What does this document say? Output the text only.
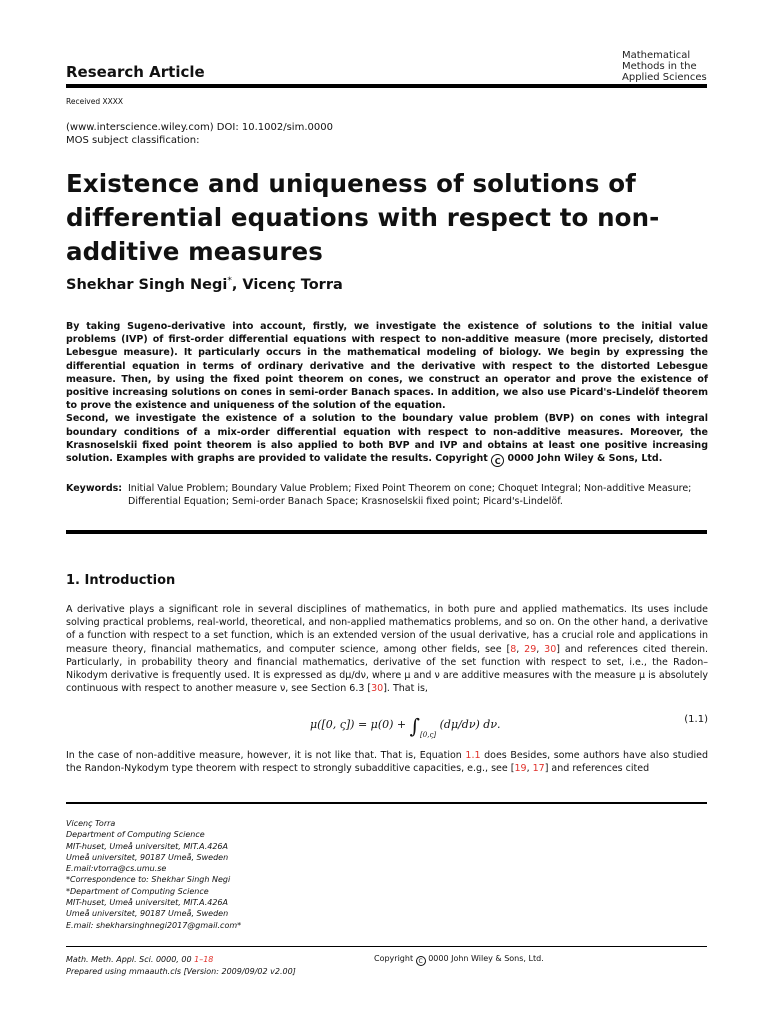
Mathematical
Methods in the
Applied Sciences
Research Article
Received XXXX
(www.interscience.wiley.com) DOI: 10.1002/sim.0000
MOS subject classification:
Existence and uniqueness of solutions of differential equations with respect to non-additive measures
Shekhar Singh Negi*, Vicenç Torra

By taking Sugeno-derivative into account, firstly, we investigate the existence of solutions to the initial value problems (IVP) of first-order differential equations with respect to non-additive measure (more precisely, distorted Lebesgue measure). It particularly occurs in the mathematical modeling of biology. We begin by expressing the differential equation in terms of ordinary derivative and the derivative with respect to the distorted Lebesgue measure. Then, by using the fixed point theorem on cones, we construct an operator and prove the existence of positive increasing solutions on cones in semi-order Banach spaces. In addition, we also use Picard's-Lindelöf theorem to prove the existence and uniqueness of the solution of the equation.

Second, we investigate the existence of a solution to the boundary value problem (BVP) on cones with integral boundary conditions of a mix-order differential equation with respect to non-additive measures. Moreover, the Krasnoselskii fixed point theorem is also applied to both BVP and IVP and obtains at least one positive increasing solution. Examples with graphs are provided to validate the results. Copyright C 0000 John Wiley & Sons, Ltd.

Keywords: Initial Value Problem; Boundary Value Problem; Fixed Point Theorem on cone; Choquet Integral; Non-additive Measure; Differential Equation; Semi-order Banach Space; Krasnoselskii fixed point; Picard's-Lindelöf.
1. Introduction
A derivative plays a significant role in several disciplines of mathematics, in both pure and applied mathematics. Its uses include solving practical problems, real-world, theoretical, and non-applied mathematics problems, and so on. On the other hand, a derivative of a function with respect to a set function, which is an extended version of the usual derivative, has a crucial role and applications in measure theory, financial mathematics, and computer science, among other fields, see [8, 29, 30] and references cited therein. Particularly, in probability theory and financial mathematics, derivative of the set function with respect to set, i.e., the Radon–Nikodym derivative is frequently used. It is expressed as dμ/dν, where μ and ν are additive measures with the measure μ is absolutely continuous with respect to another measure ν, see Section 6.3 [30]. That is,
μ([0, $\varsigma]) = \mu(0) + \int_{[0,\varsigma]}$ (dμ/dν) dν.	(1.1)
In the case of non-additive measure, however, it is not like that. That is, Equation 1.1 does Besides, some authors have also studied the Randon-Nykodym type theorem with respect to strongly subadditive capacities, e.g., see [19, 17] and references cited
Vicenç Torra
Department of Computing Science
MIT-huset, Umeå universitet, MIT.A.426A
Umeå universitet, 90187 Umeå, Sweden
E.mail:vtorra@cs.umu.se
*Correspondence to: Shekhar Singh Negi
*Department of Computing Science
MIT-huset, Umeå universitet, MIT.A.426A
Umeå universitet, 90187 Umeå, Sweden
E.mail: shekharsinghnegi2017@gmail.com*
Math. Meth. Appl. Sci. 0000, 00 1–18
Prepared using mmaauth.cls [Version: 2009/09/02 v2.00]
Copyright C 0000 John Wiley & Sons, Ltd.
